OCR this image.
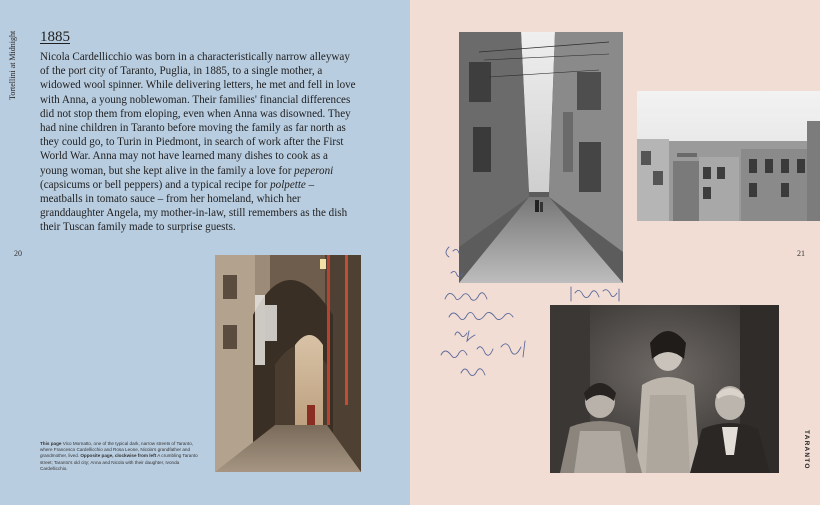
Tortellini at Midnight	1885

Nicola Cardellicchio was born in a characteristically narrow alleyway of the port city of Taranto, Puglia, in 1885, to a single mother, a widowed wool spinner. While delivering letters, he met and fell in love with Anna, a young noblewoman. Their families' financial differences did not stop them from eloping, even when Anna was disowned. They had nine children in Taranto before moving the family as far north as they could go, to Turin in Piedmont, in search of work after the First World War. Anna may not have learned many dishes to cook as a young woman, but she kept alive in the family a love for peperoni (capsicums or bell peppers) and a typical recipe for polpette – meatballs in tomato sauce – from her homeland, which her granddaughter Angela, my mother-in-law, still remembers as the dish their Tuscan family made to surprise guests.

20	21
This page Vico Mornatto, one of the typical dark, narrow streets of Taranto, where Francesco Cardellicchio and Rosa Leone, Nicola's grandfather and grandmother, lived. Opposite page, clockwise from left A crumbling Taranto street; Taranto's old city; Anna and Nicola with their daughter, Ivonda Cardellicchio.	TARANTO
